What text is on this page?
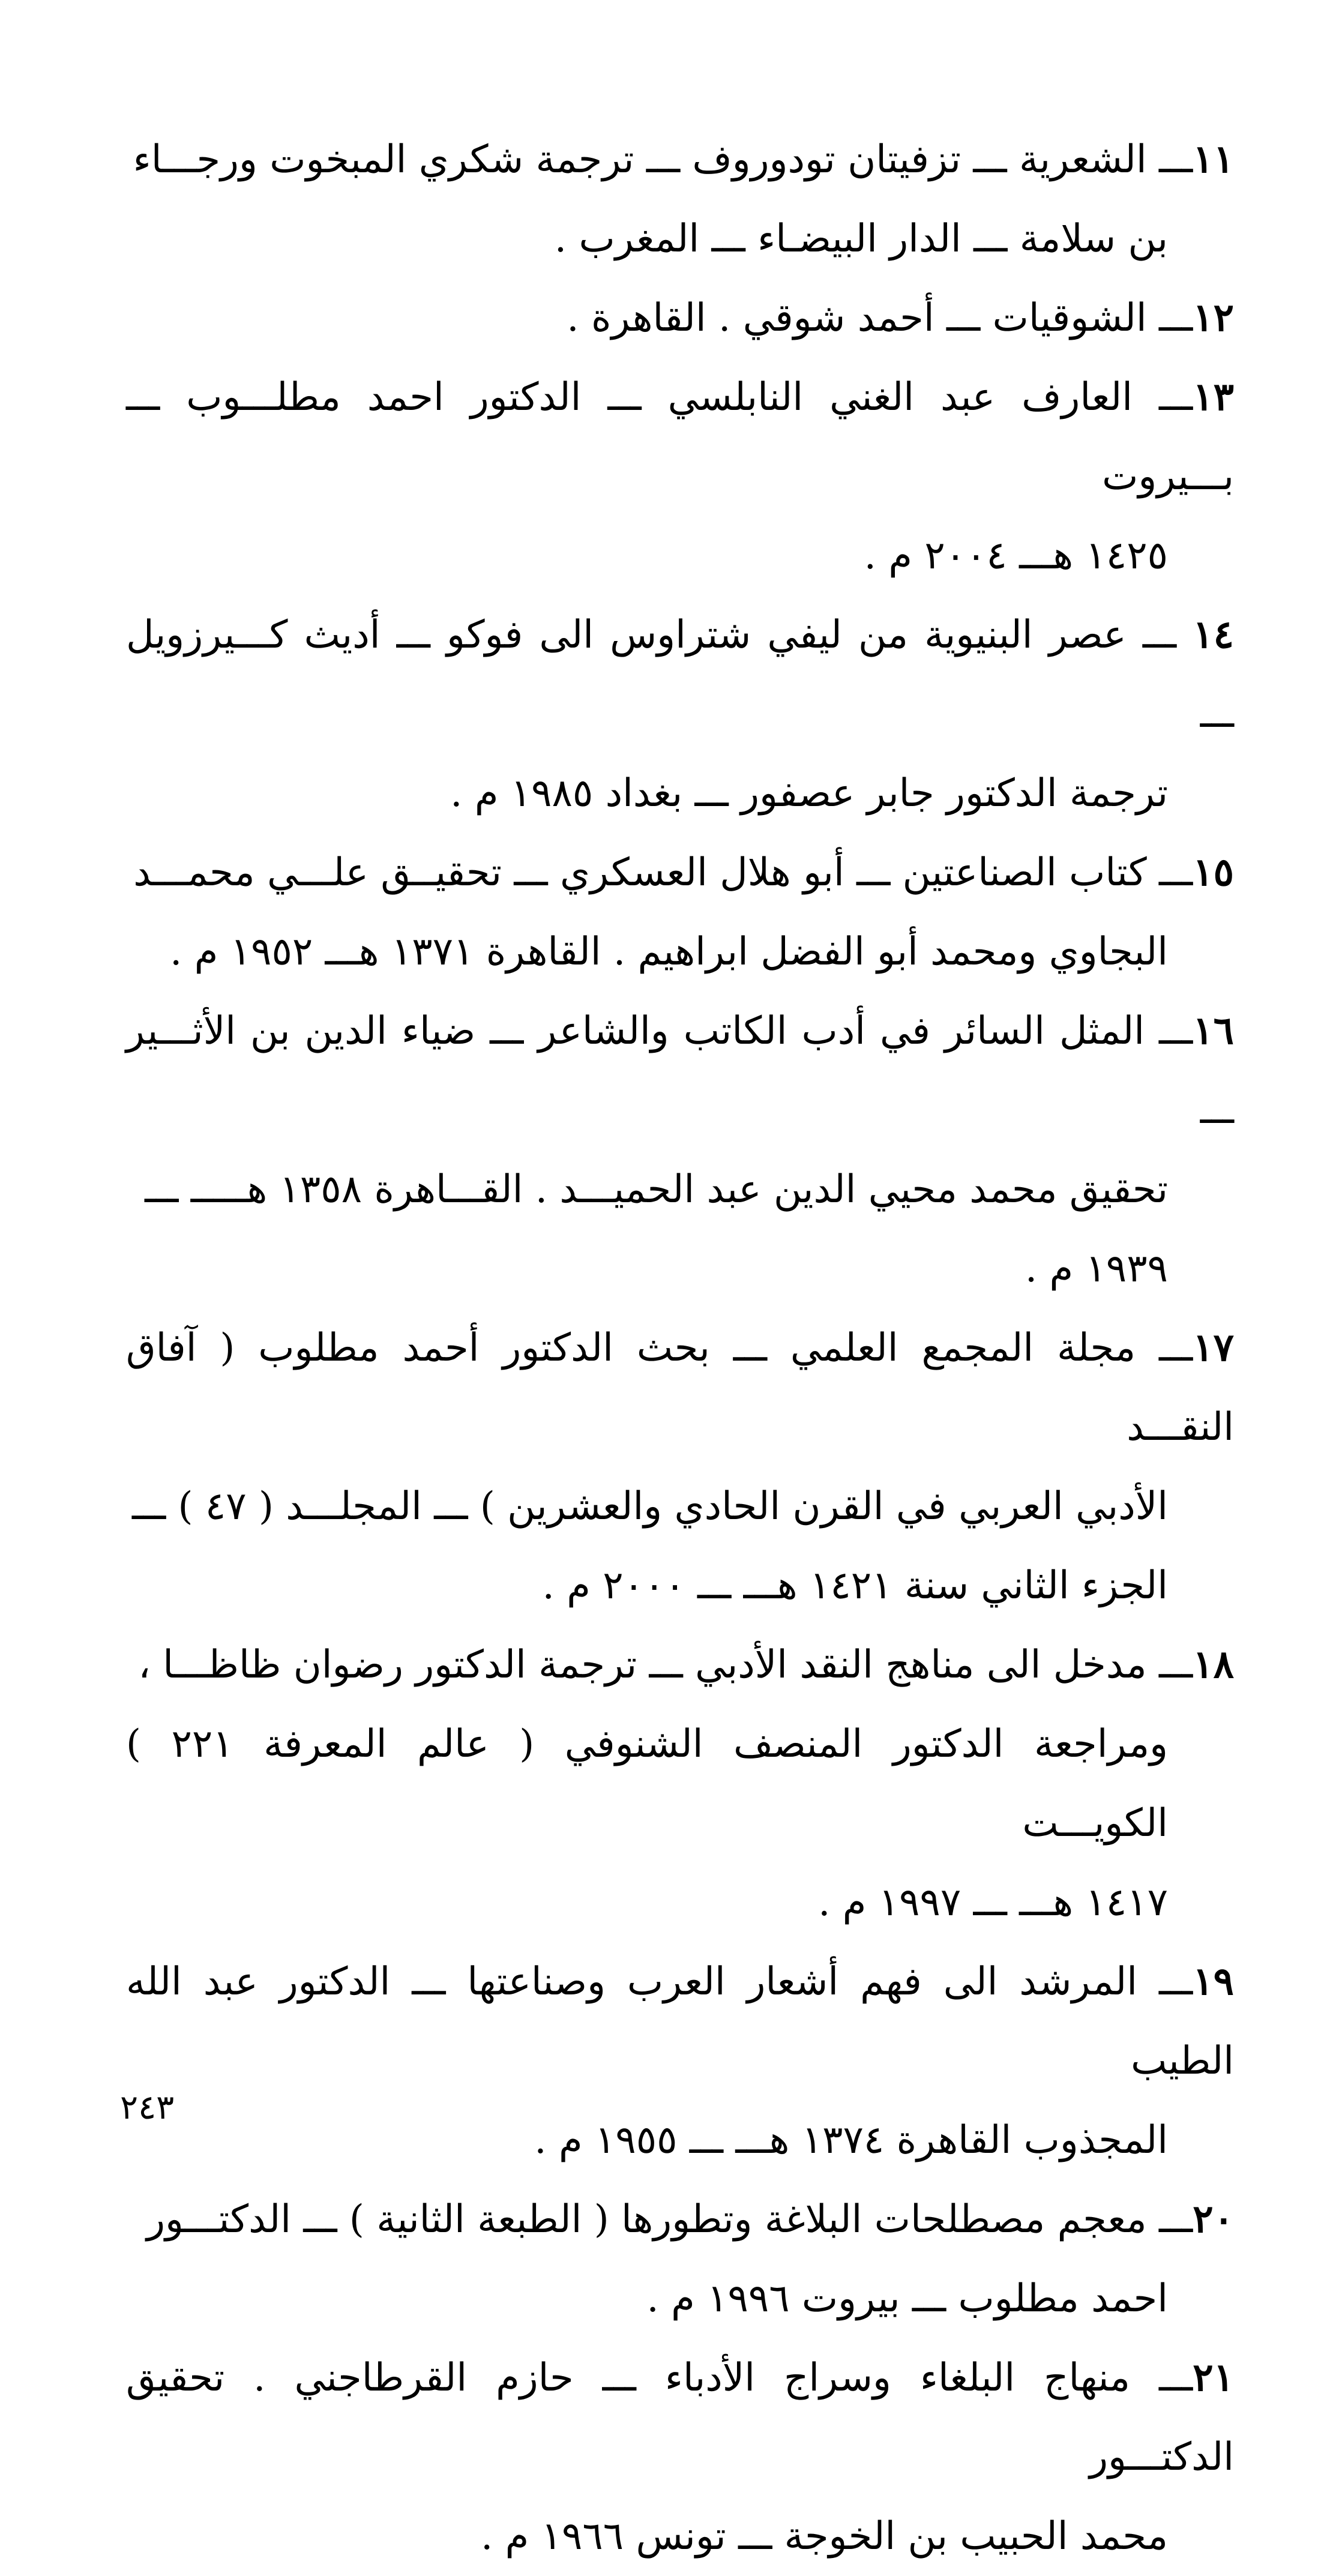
١١ـــ الشعرية ـــ تزفيتان تودوروف ـــ ترجمة شكري المبخوت ورجـــاء

بن سلامة ـــ الدار البيضـاء ـــ المغرب .

١٢ـــ الشوقيات ـــ أحمد شوقي . القاهرة .

١٣ـــ العارف عبد الغني النابلسي ـــ الدكتور احمد مطلـــوب ـــ بـــيروت

١٤٢٥ هـــ ٢٠٠٤ م .

١٤ ـــ عصر البنيوية من ليفي شتراوس الى فوكو ـــ أديث كـــيرزويل ـــ

ترجمة الدكتور جابر عصفور ـــ بغداد ١٩٨٥ م .

١٥ـــ كتاب الصناعتين ـــ أبو هلال العسكري ـــ تحقيــق علـــي محمـــد

البجاوي ومحمد أبو الفضل ابراهيم . القاهرة ١٣٧١ هـــ ١٩٥٢ م .

١٦ـــ المثل السائر في أدب الكاتب والشاعر ـــ ضياء الدين بن الأثـــير ـــ

تحقيق محمد محيي الدين عبد الحميـــد . القـــاهرة ١٣٥٨ هـــــ ـــ

١٩٣٩ م .

١٧ـــ مجلة المجمع العلمي ـــ بحث الدكتور أحمد مطلوب ( آفاق النقـــد

الأدبي العربي في القرن الحادي والعشرين ) ـــ المجلـــد ( ٤٧ ) ـــ

الجزء الثاني سنة ١٤٢١ هـــ ـــ ٢٠٠٠ م .

١٨ـــ مدخل الى مناهج النقد الأدبي ـــ ترجمة الدكتور رضوان ظاظـــا ،

ومراجعة الدكتور المنصف الشنوفي ( عالم المعرفة ٢٢١ ) الكويـــت

١٤١٧ هـــ ـــ ١٩٩٧ م .

١٩ـــ المرشد الى فهم أشعار العرب وصناعتها ـــ الدكتور عبد الله الطيب

المجذوب القاهرة ١٣٧٤ هـــ ـــ ١٩٥٥ م .

٢٠ـــ معجم مصطلحات البلاغة وتطورها ( الطبعة الثانية ) ـــ الدكتـــور

احمد مطلوب ـــ بيروت ١٩٩٦ م .

٢١ـــ منهاج البلغاء وسراج الأدباء ـــ حازم القرطاجني . تحقيق الدكتـــور

محمد الحبيب بن الخوجة ـــ تونس ١٩٦٦ م .

٢٤٣
